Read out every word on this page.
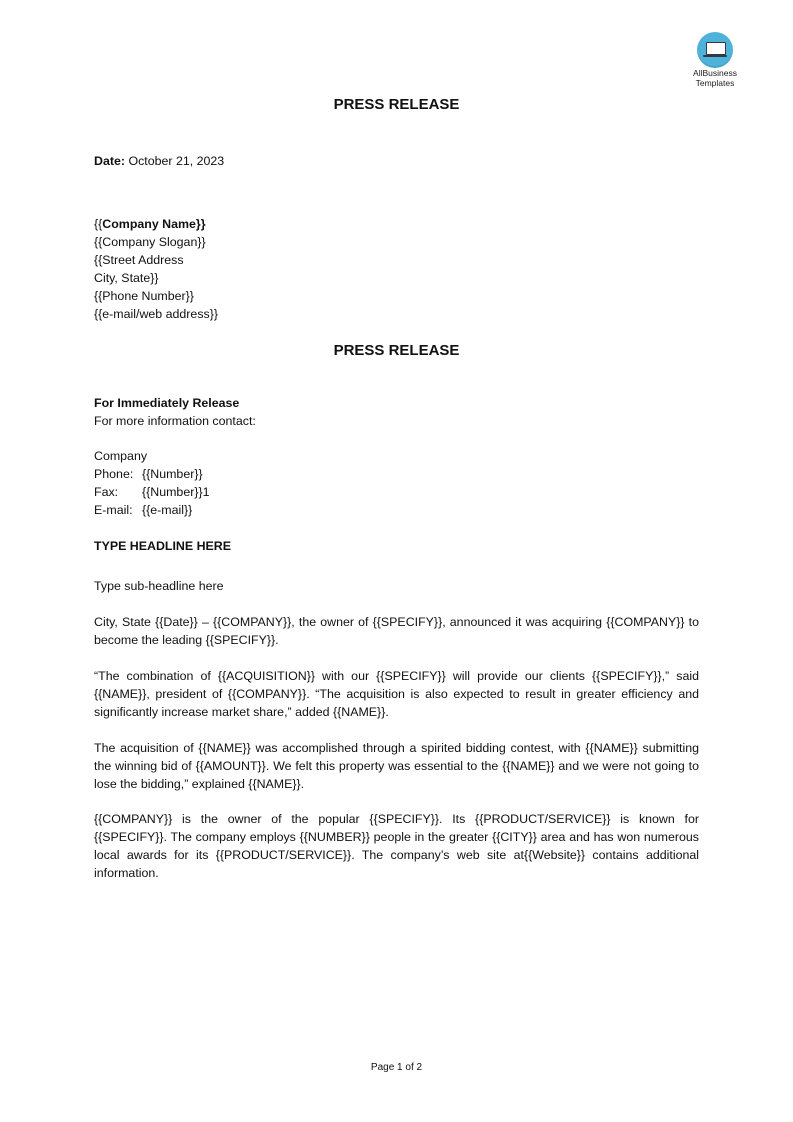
AllBusiness
Templates
PRESS RELEASE
Date: October 21, 2023
{{Company Name}}
{{Company Slogan}}
{{Street Address
City, State}}
{{Phone Number}}
{{e-mail/web address}}
PRESS RELEASE
For Immediately Release
For more information contact:
Company
Phone: {{Number}}
Fax: {{Number}}1
E-mail: {{e-mail}}
TYPE HEADLINE HERE
Type sub-headline here
City, State {{Date}} – {{COMPANY}}, the owner of {{SPECIFY}}, announced it was acquiring {{COMPANY}} to become the leading {{SPECIFY}}.
“The combination of {{ACQUISITION}} with our {{SPECIFY}} will provide our clients {{SPECIFY}},” said {{NAME}}, president of {{COMPANY}}. “The acquisition is also expected to result in greater efficiency and significantly increase market share,” added {{NAME}}.
The acquisition of {{NAME}} was accomplished through a spirited bidding contest, with {{NAME}} submitting the winning bid of {{AMOUNT}}. We felt this property was essential to the {{NAME}} and we were not going to lose the bidding,” explained {{NAME}}.
{{COMPANY}} is the owner of the popular {{SPECIFY}}. Its {{PRODUCT/SERVICE}} is known for {{SPECIFY}}. The company employs {{NUMBER}} people in the greater {{CITY}} area and has won numerous local awards for its {{PRODUCT/SERVICE}}. The company’s web site at{{Website}} contains additional information.
Page 1 of 2
